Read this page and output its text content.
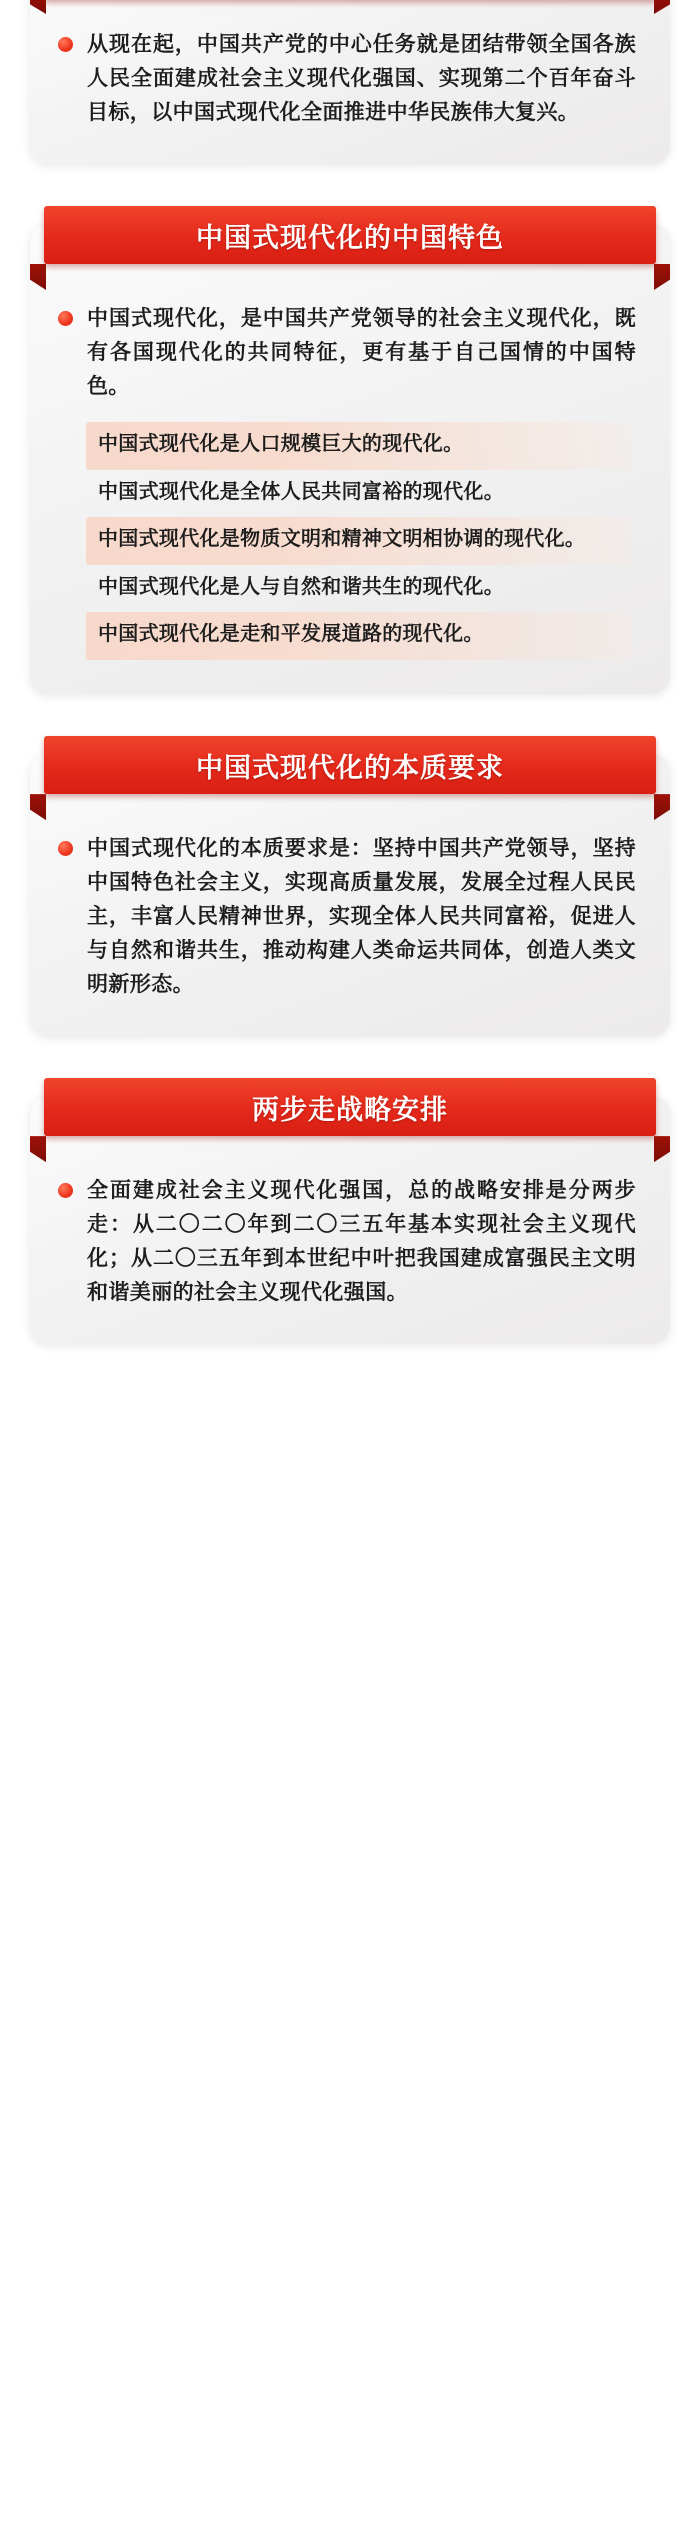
从现在起，中国共产党的中心任务就是团结带领全国各族人民全面建成社会主义现代化强国、实现第二个百年奋斗目标，以中国式现代化全面推进中华民族伟大复兴。

中国式现代化的中国特色

中国式现代化，是中国共产党领导的社会主义现代化，既有各国现代化的共同特征，更有基于自己国情的中国特色。

中国式现代化是人口规模巨大的现代化。
中国式现代化是全体人民共同富裕的现代化。
中国式现代化是物质文明和精神文明相协调的现代化。
中国式现代化是人与自然和谐共生的现代化。
中国式现代化是走和平发展道路的现代化。
中国式现代化的本质要求

中国式现代化的本质要求是：坚持中国共产党领导，坚持中国特色社会主义，实现高质量发展，发展全过程人民民主，丰富人民精神世界，实现全体人民共同富裕，促进人与自然和谐共生，推动构建人类命运共同体，创造人类文明新形态。

两步走战略安排

全面建成社会主义现代化强国，总的战略安排是分两步走：从二〇二〇年到二〇三五年基本实现社会主义现代化；从二〇三五年到本世纪中叶把我国建成富强民主文明和谐美丽的社会主义现代化强国。
